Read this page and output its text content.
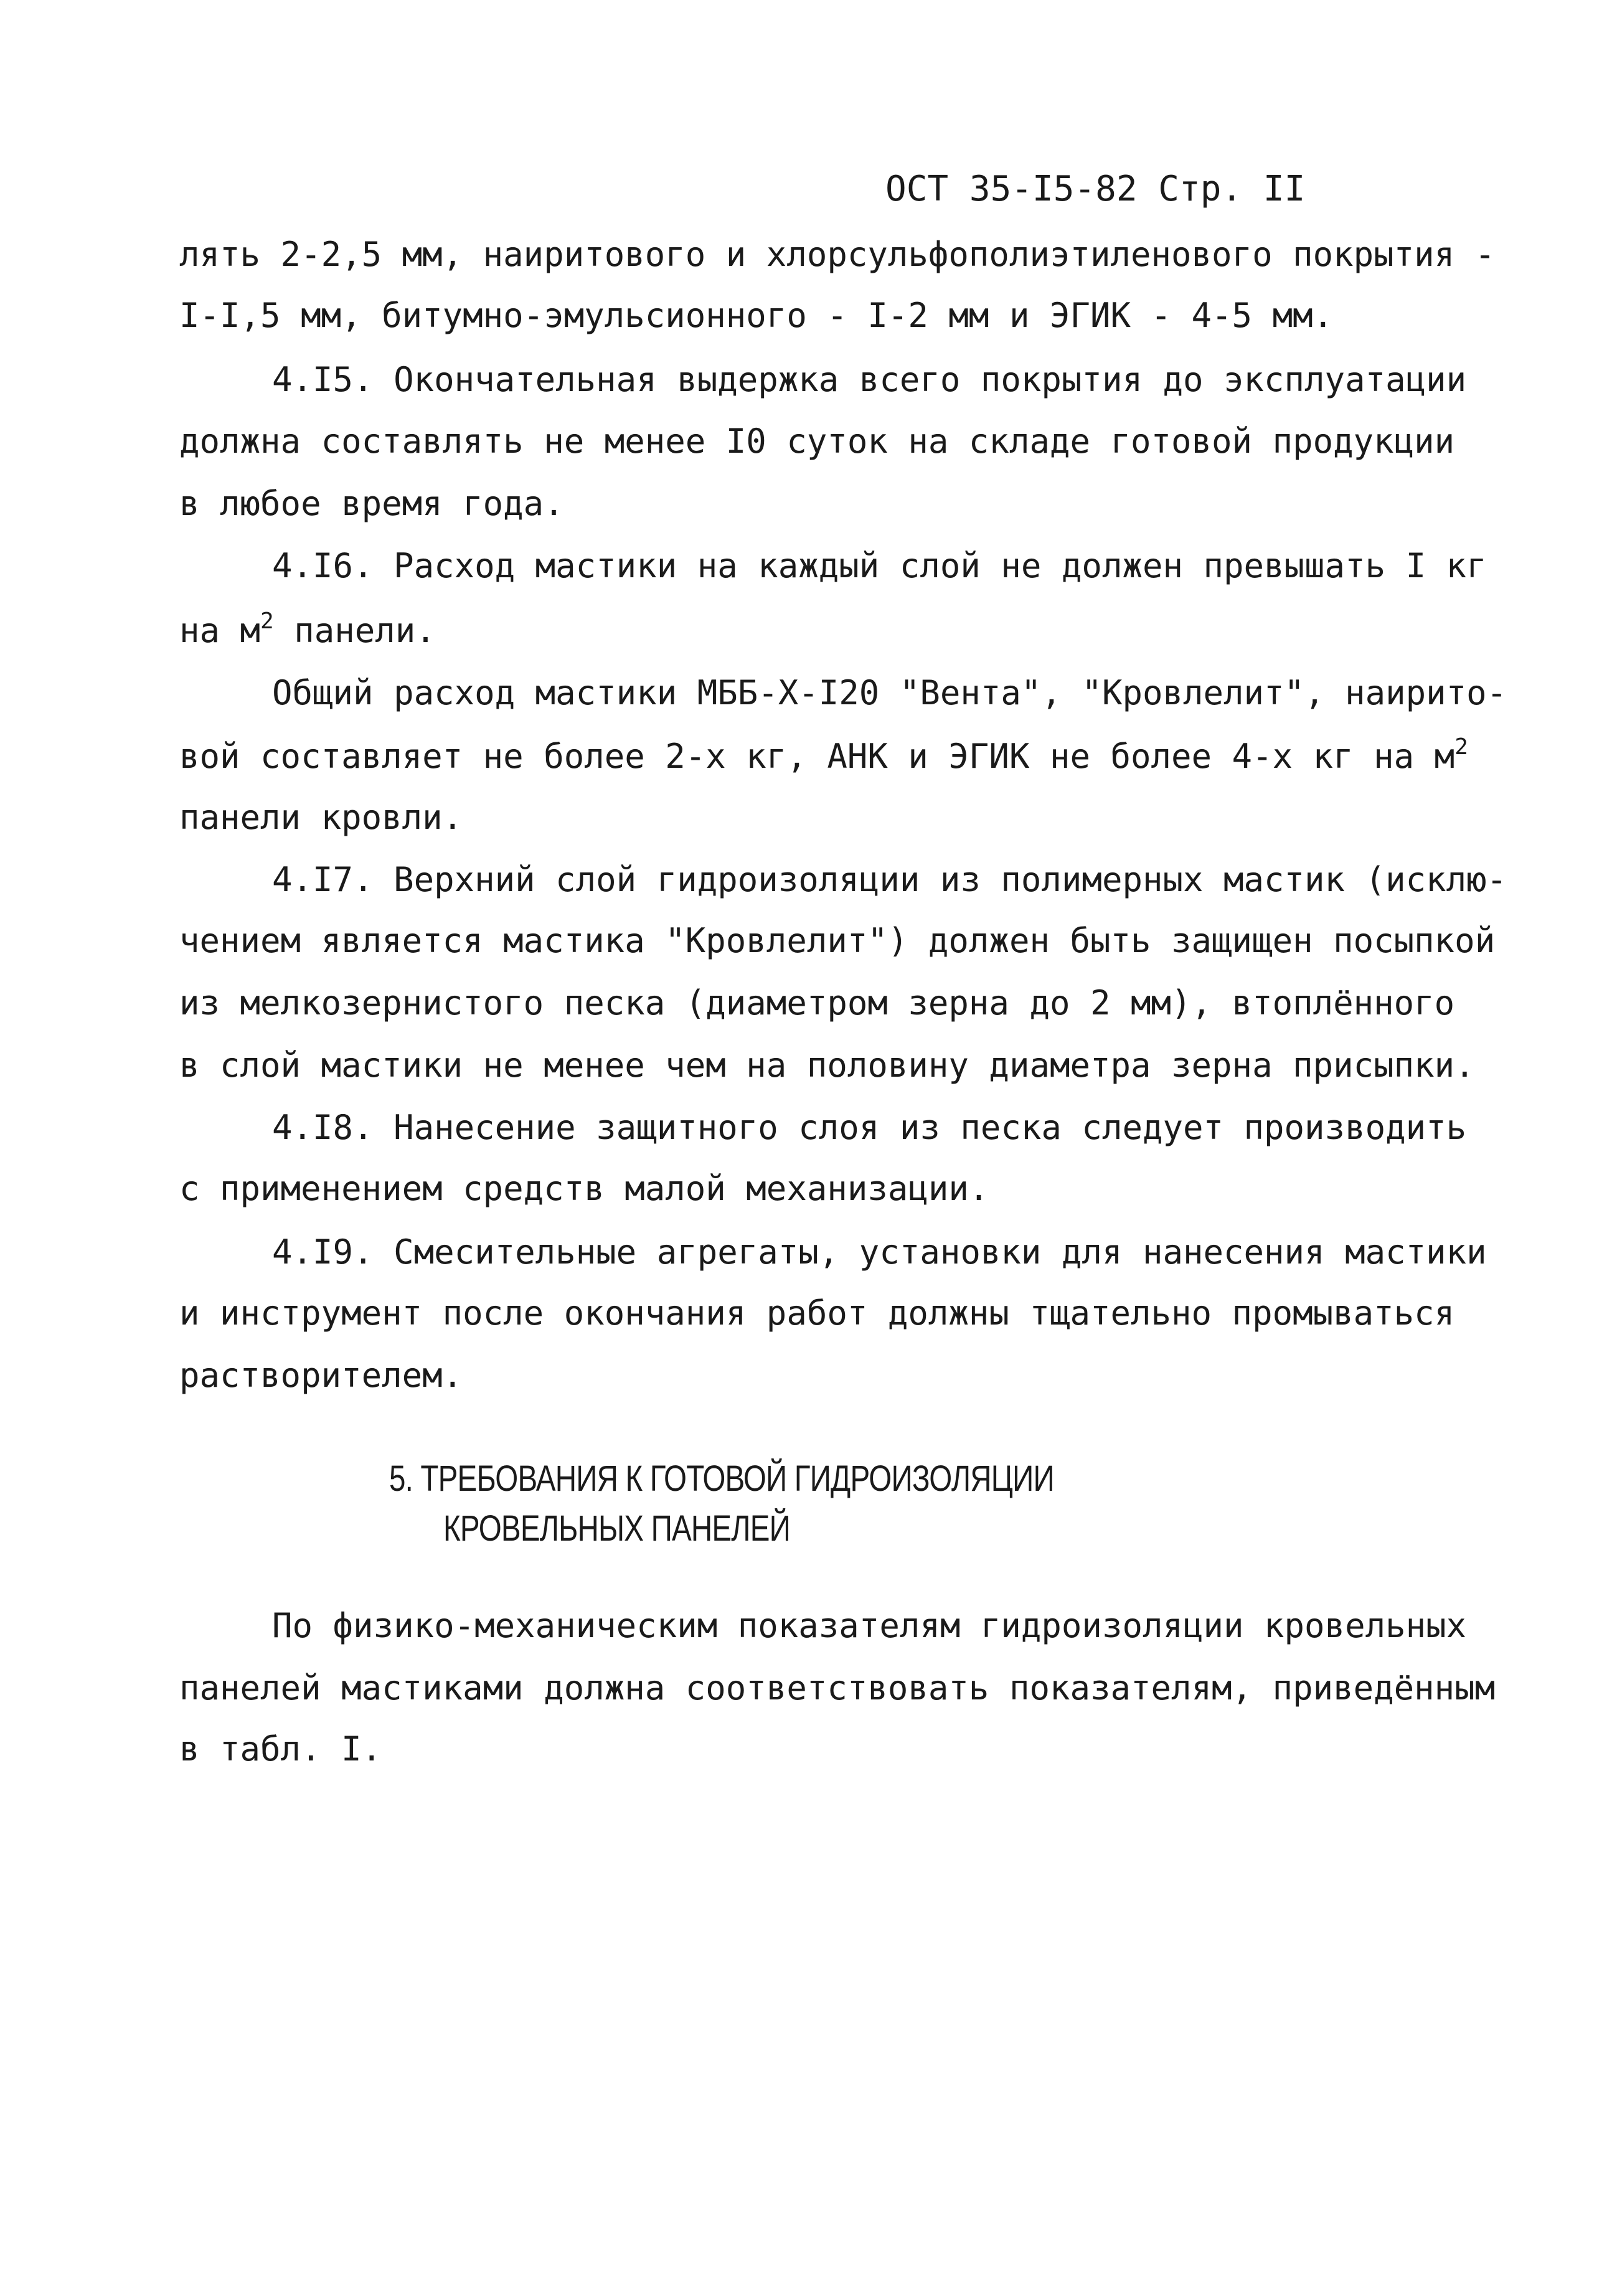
ОСТ 35-I5-82 Стр. II
лять 2-2,5 мм, наиритового и хлорсульфополиэтиленового покрытия -
I-I,5 мм, битумно-эмульсионного - I-2 мм и ЭГИК - 4-5 мм.
4.I5. Окончательная выдержка всего покрытия до эксплуатации
должна составлять не менее I0 суток на складе готовой продукции
в любое время года.
4.I6. Расход мастики на каждый слой не должен превышать I кг
на $м^2$ панели.
Общий расход мастики МББ-Х-I20 "Вента", "Кровлелит", наирито-
вой составляет не более 2-х кг, АНК и ЭГИК не более 4-х кг на $м^2$
панели кровли.
4.I7. Верхний слой гидроизоляции из полимерных мастик (исклю-
чением является мастика "Кровлелит") должен быть защищен посыпкой
из мелкозернистого песка (диаметром зерна до 2 мм), втоплённого
в слой мастики не менее чем на половину диаметра зерна присыпки.
4.I8. Нанесение защитного слоя из песка следует производить
с применением средств малой механизации.
4.I9. Смесительные агрегаты, установки для нанесения мастики
и инструмент после окончания работ должны тщательно промываться
растворителем.
5. ТРЕБОВАНИЯ К ГОТОВОЙ ГИДРОИЗОЛЯЦИИ
КРОВЕЛЬНЫХ ПАНЕЛЕЙ
По физико-механическим показателям гидроизоляции кровельных
панелей мастиками должна соответствовать показателям, приведённым
в табл. I.
